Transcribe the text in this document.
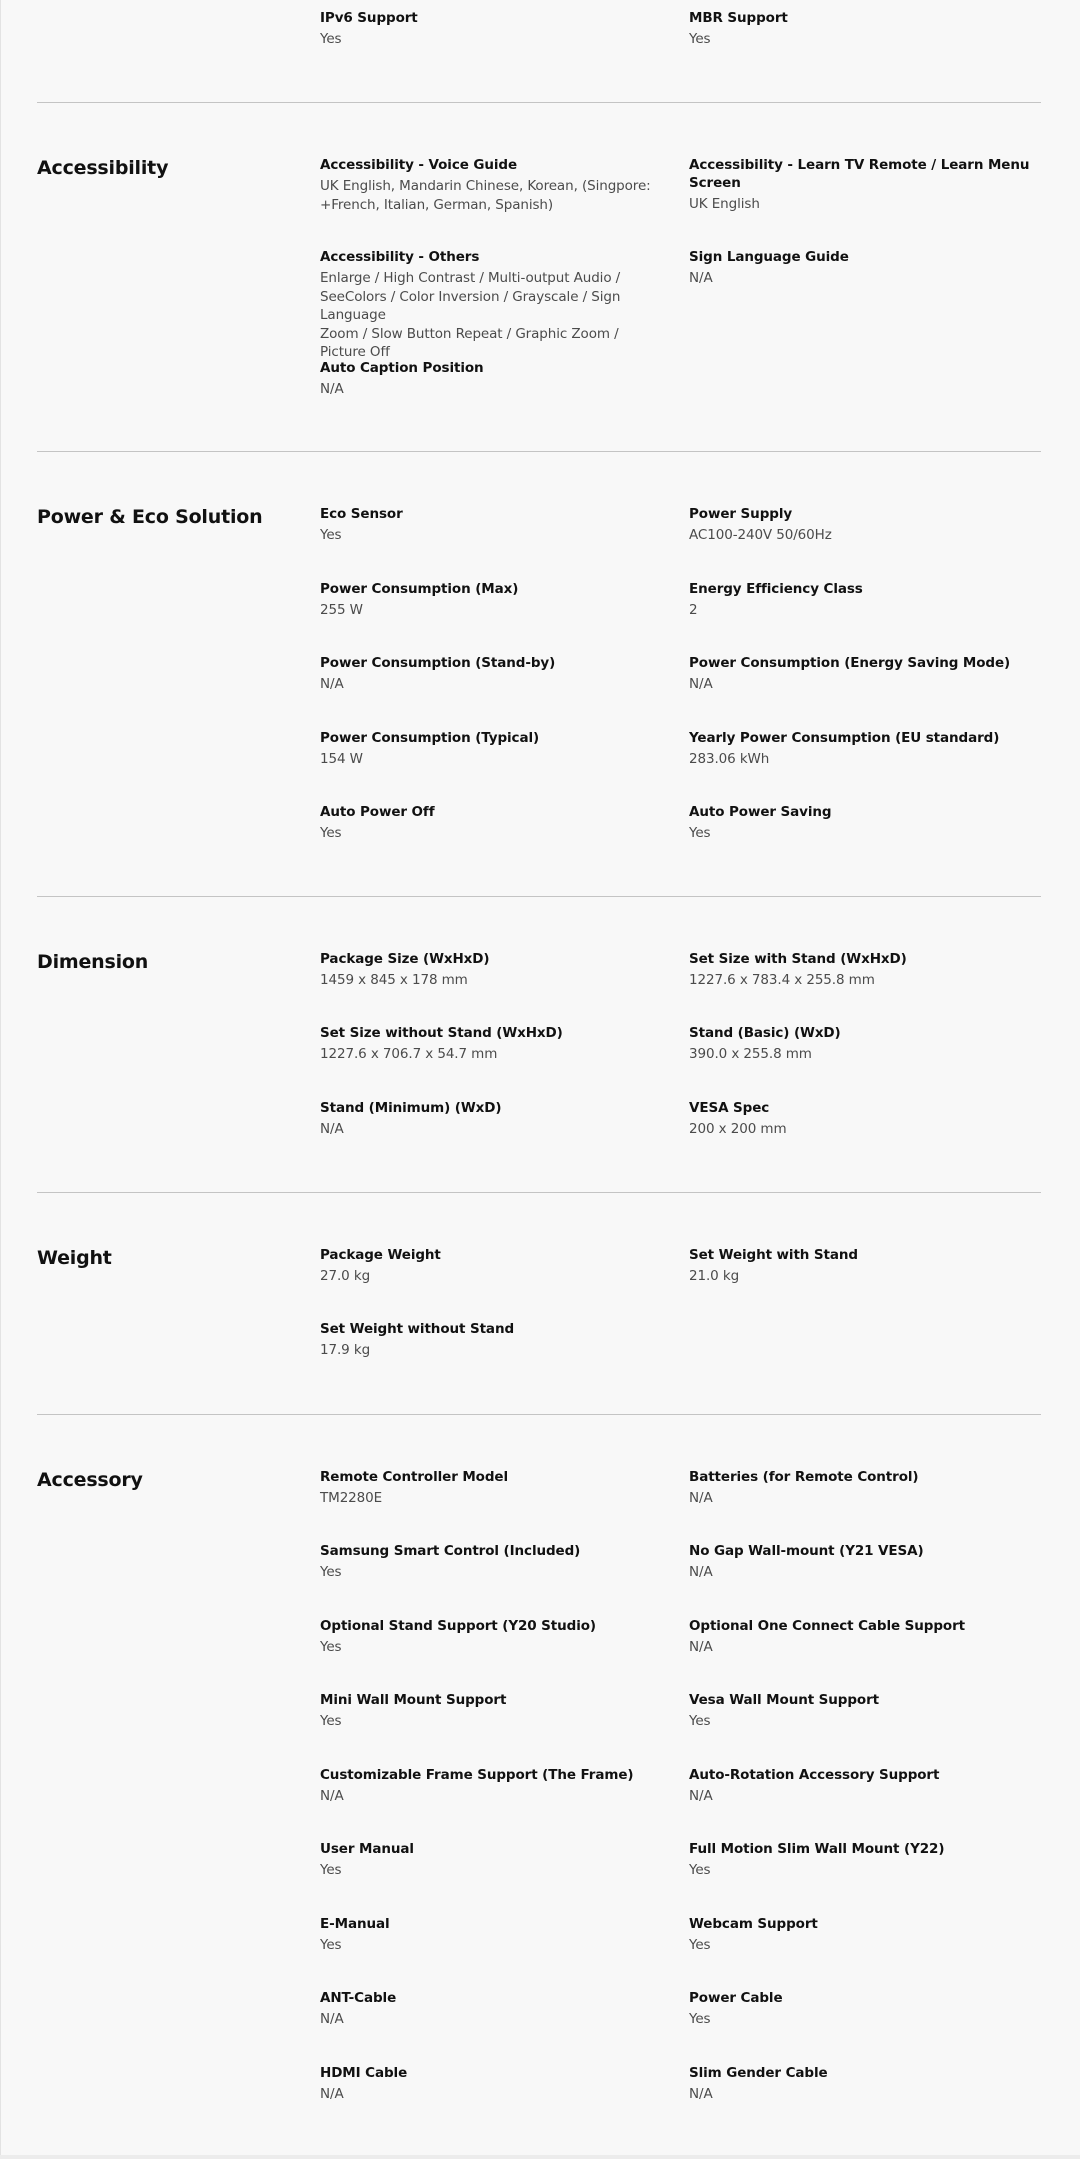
IPv6 Support
Yes
MBR Support
Yes
Accessibility	Accessibility - Voice Guide
UK English, Mandarin Chinese, Korean, (Singpore:
+French, Italian, German, Spanish)
Accessibility - Learn TV Remote / Learn Menu Screen
UK English
Accessibility - Others
Enlarge / High Contrast / Multi-output Audio /
SeeColors / Color Inversion / Grayscale / Sign Language
Zoom / Slow Button Repeat / Graphic Zoom / Picture Off
Sign Language Guide
N/A
Auto Caption Position
N/A
Power & Eco Solution	Eco Sensor
Yes
Power Supply
AC100-240V 50/60Hz
Power Consumption (Max)
255 W
Energy Efficiency Class
2
Power Consumption (Stand-by)
N/A
Power Consumption (Energy Saving Mode)
N/A
Power Consumption (Typical)
154 W
Yearly Power Consumption (EU standard)
283.06 kWh
Auto Power Off
Yes
Auto Power Saving
Yes
Dimension	Package Size (WxHxD)
1459 x 845 x 178 mm
Set Size with Stand (WxHxD)
1227.6 x 783.4 x 255.8 mm
Set Size without Stand (WxHxD)
1227.6 x 706.7 x 54.7 mm
Stand (Basic) (WxD)
390.0 x 255.8 mm
Stand (Minimum) (WxD)
N/A
VESA Spec
200 x 200 mm
Weight	Package Weight
27.0 kg
Set Weight with Stand
21.0 kg
Set Weight without Stand
17.9 kg
Accessory	Remote Controller Model
TM2280E
Batteries (for Remote Control)
N/A
Samsung Smart Control (Included)
Yes
No Gap Wall-mount (Y21 VESA)
N/A
Optional Stand Support (Y20 Studio)
Yes
Optional One Connect Cable Support
N/A
Mini Wall Mount Support
Yes
Vesa Wall Mount Support
Yes
Customizable Frame Support (The Frame)
N/A
Auto-Rotation Accessory Support
N/A
User Manual
Yes
Full Motion Slim Wall Mount (Y22)
Yes
E-Manual
Yes
Webcam Support
Yes
ANT-Cable
N/A
Power Cable
Yes
HDMI Cable
N/A
Slim Gender Cable
N/A
